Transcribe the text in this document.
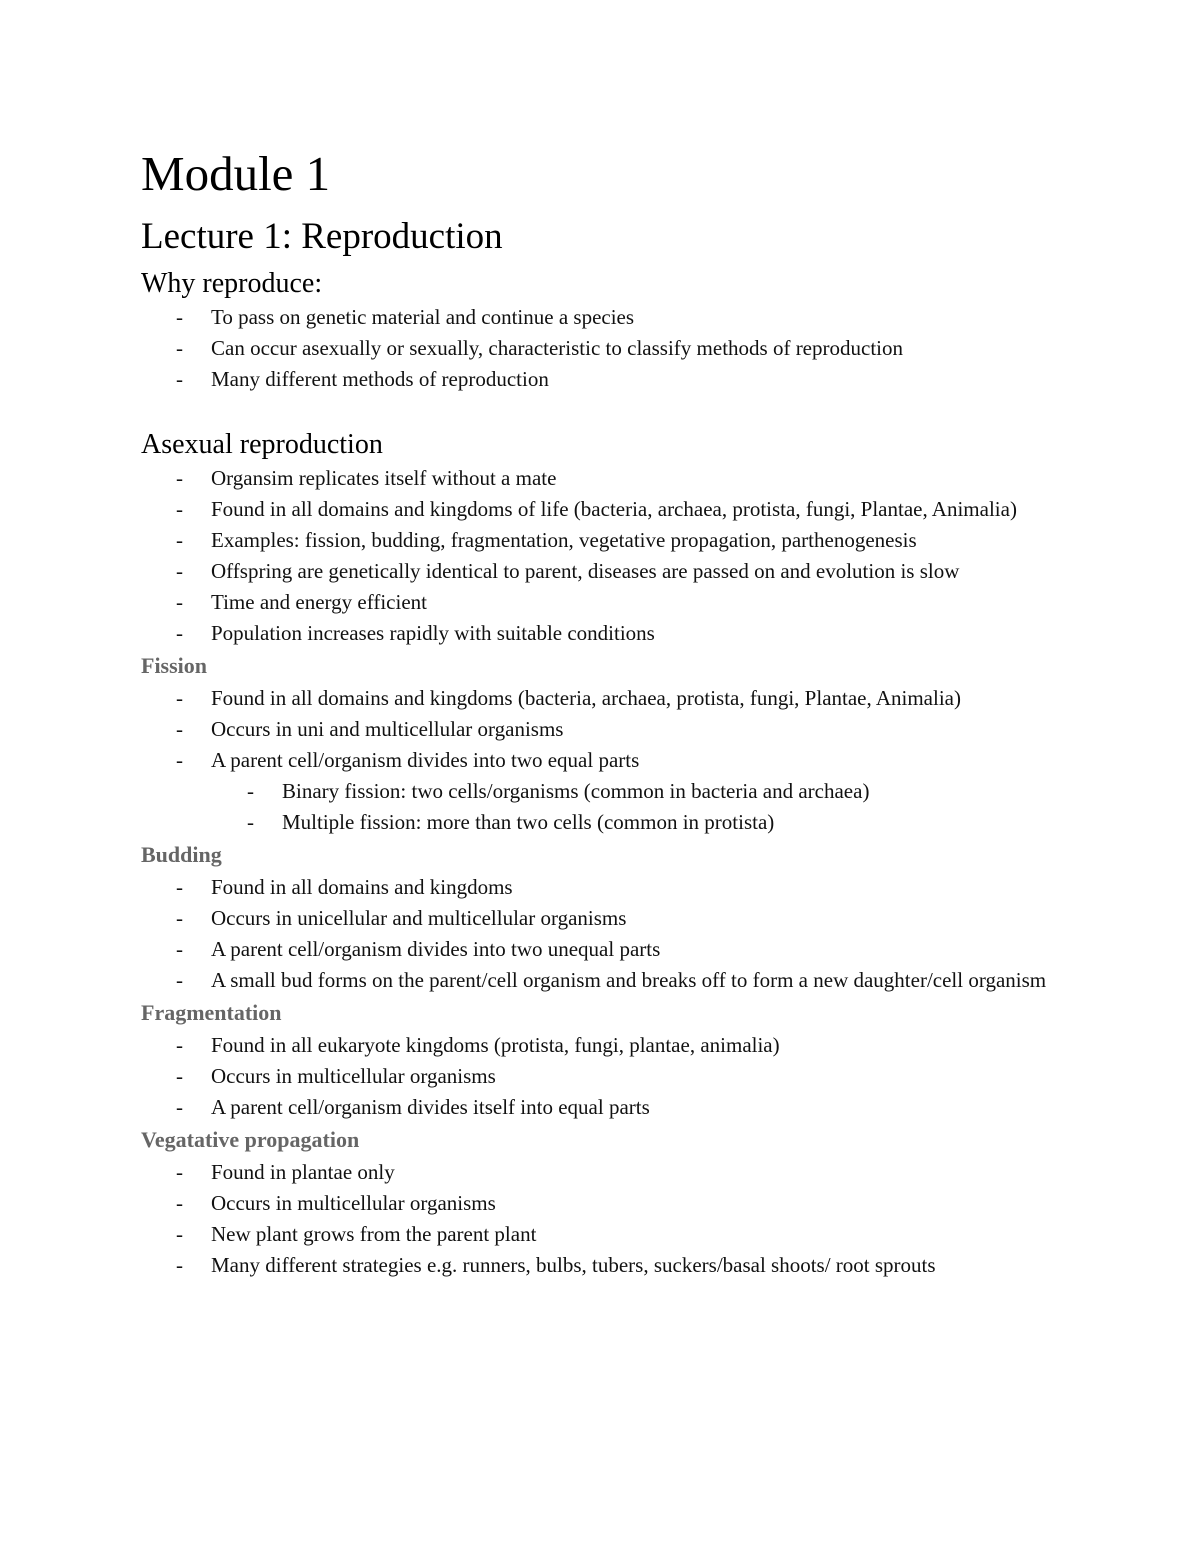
Module 1
Lecture 1: Reproduction
Why reproduce:
- To pass on genetic material and continue a species
- Can occur asexually or sexually, characteristic to classify methods of reproduction
- Many different methods of reproduction
Asexual reproduction
- Organsim replicates itself without a mate
- Found in all domains and kingdoms of life (bacteria, archaea, protista, fungi, Plantae, Animalia)
- Examples: fission, budding, fragmentation, vegetative propagation, parthenogenesis
- Offspring are genetically identical to parent, diseases are passed on and evolution is slow
- Time and energy efficient
- Population increases rapidly with suitable conditions
Fission
- Found in all domains and kingdoms (bacteria, archaea, protista, fungi, Plantae, Animalia)
- Occurs in uni and multicellular organisms
- A parent cell/organism divides into two equal parts
- Binary fission: two cells/organisms (common in bacteria and archaea)
- Multiple fission: more than two cells (common in protista)
Budding
- Found in all domains and kingdoms
- Occurs in unicellular and multicellular organisms
- A parent cell/organism divides into two unequal parts
- A small bud forms on the parent/cell organism and breaks off to form a new daughter/cell organism
Fragmentation
- Found in all eukaryote kingdoms (protista, fungi, plantae, animalia)
- Occurs in multicellular organisms
- A parent cell/organism divides itself into equal parts
Vegatative propagation
- Found in plantae only
- Occurs in multicellular organisms
- New plant grows from the parent plant
- Many different strategies e.g. runners, bulbs, tubers, suckers/basal shoots/ root sprouts
